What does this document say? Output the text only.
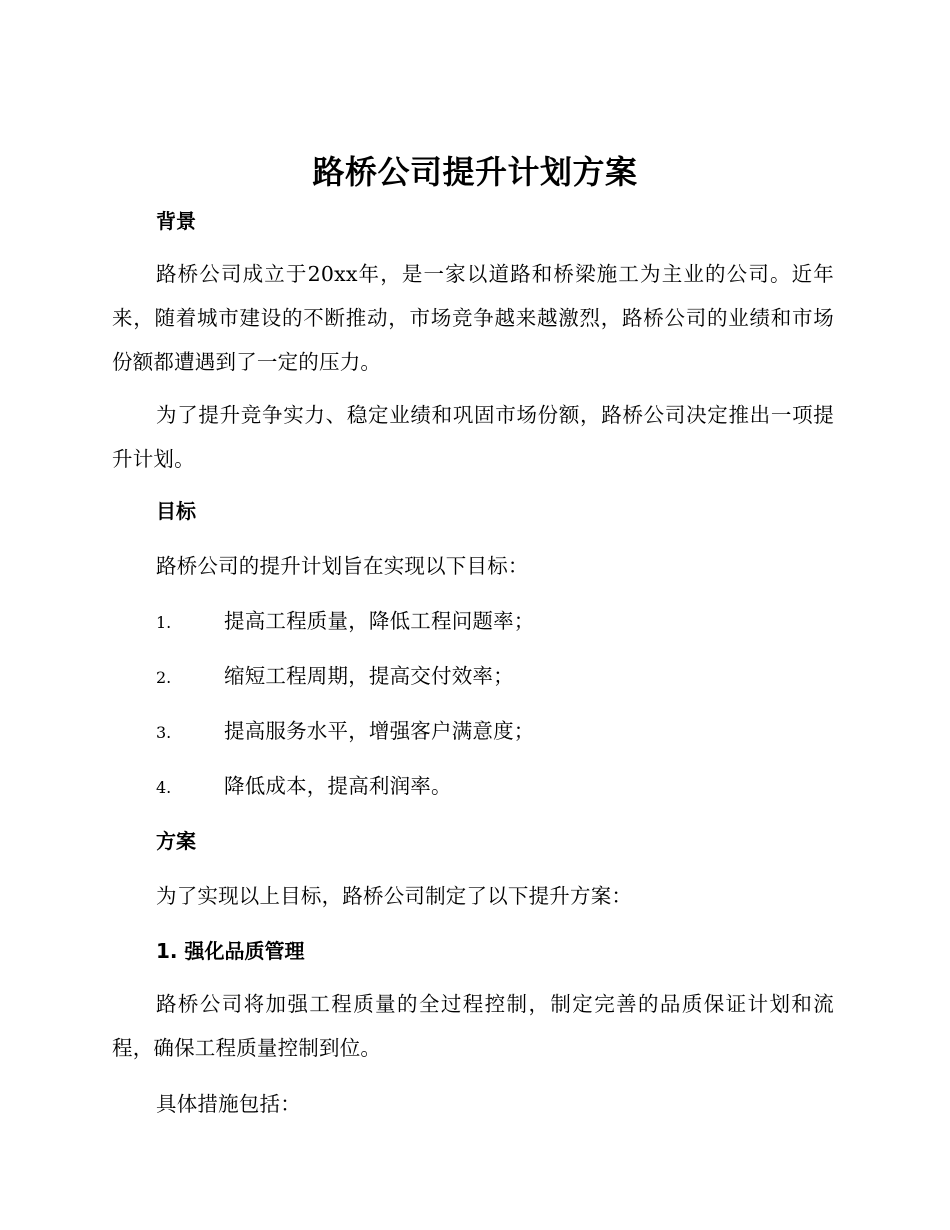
路桥公司提升计划方案
背景
路桥公司成立于20xx年，是一家以道路和桥梁施工为主业的公司。近年来，随着城市建设的不断推动，市场竞争越来越激烈，路桥公司的业绩和市场份额都遭遇到了一定的压力。
为了提升竞争实力、稳定业绩和巩固市场份额，路桥公司决定推出一项提升计划。
目标
路桥公司的提升计划旨在实现以下目标：
1.	提高工程质量，降低工程问题率；
2.	缩短工程周期，提高交付效率；
3.	提高服务水平，增强客户满意度；
4.	降低成本，提高利润率。
方案
为了实现以上目标，路桥公司制定了以下提升方案：
1. 强化品质管理
路桥公司将加强工程质量的全过程控制，制定完善的品质保证计划和流程，确保工程质量控制到位。
具体措施包括：
